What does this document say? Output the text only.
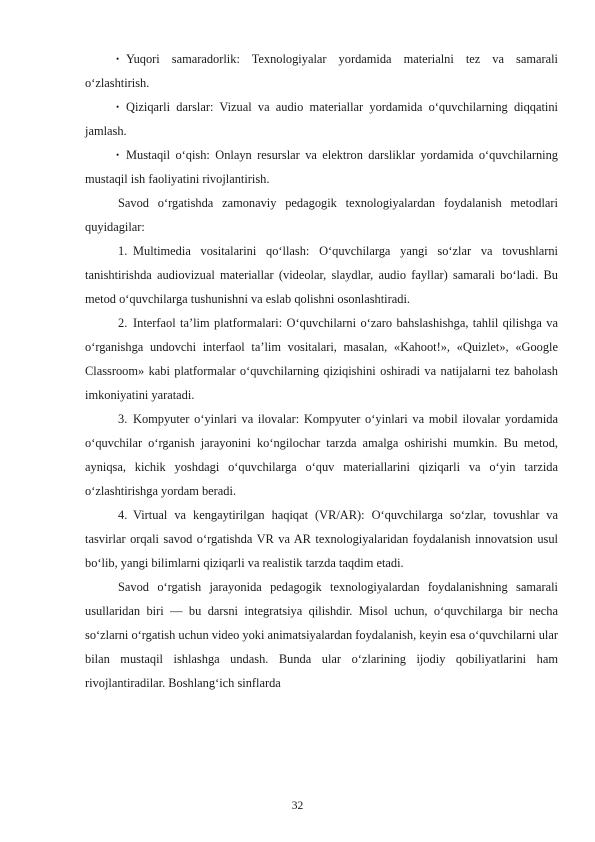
• Yuqori samaradorlik: Texnologiyalar yordamida materialni tez va samarali o‘zlashtirish.

• Qiziqarli darslar: Vizual va audio materiallar yordamida o‘quvchilarning diqqatini jamlash.

• Mustaqil o‘qish: Onlayn resurslar va elektron darsliklar yordamida o‘quvchilarning mustaqil ish faoliyatini rivojlantirish.

Savod o‘rgatishda zamonaviy pedagogik texnologiyalardan foydalanish metodlari quyidagilar:

1. Multimedia vositalarini qo‘llash: O‘quvchilarga yangi so‘zlar va tovushlarni tanishtirishda audiovizual materiallar (videolar, slaydlar, audio fayllar) samarali bo‘ladi. Bu metod o‘quvchilarga tushunishni va eslab qolishni osonlashtiradi.

2. Interfaol ta’lim platformalari: O‘quvchilarni o‘zaro bahslashishga, tahlil qilishga va o‘rganishga undovchi interfaol ta’lim vositalari, masalan, «Kahoot!», «Quizlet», «Google Classroom» kabi platformalar o‘quvchilarning qiziqishini oshiradi va natijalarni tez baholash imkoniyatini yaratadi.

3. Kompyuter o‘yinlari va ilovalar: Kompyuter o‘yinlari va mobil ilovalar yordamida o‘quvchilar o‘rganish jarayonini ko‘ngilochar tarzda amalga oshirishi mumkin. Bu metod, ayniqsa, kichik yoshdagi o‘quvchilarga o‘quv materiallarini qiziqarli va o‘yin tarzida o‘zlashtirishga yordam beradi.

4. Virtual va kengaytirilgan haqiqat (VR/AR): O‘quvchilarga so‘zlar, tovushlar va tasvirlar orqali savod o‘rgatishda VR va AR texnologiyalaridan foydalanish innovatsion usul bo‘lib, yangi bilimlarni qiziqarli va realistik tarzda taqdim etadi.

Savod o‘rgatish jarayonida pedagogik texnologiyalardan foydalanishning samarali usullaridan biri — bu darsni integratsiya qilishdir. Misol uchun, o‘quvchilarga bir necha so‘zlarni o‘rgatish uchun video yoki animatsiyalardan foydalanish, keyin esa o‘quvchilarni ular bilan mustaqil ishlashga undash. Bunda ular o‘zlarining ijodiy qobiliyatlarini ham rivojlantiradilar. Boshlang‘ich sinflarda

32
